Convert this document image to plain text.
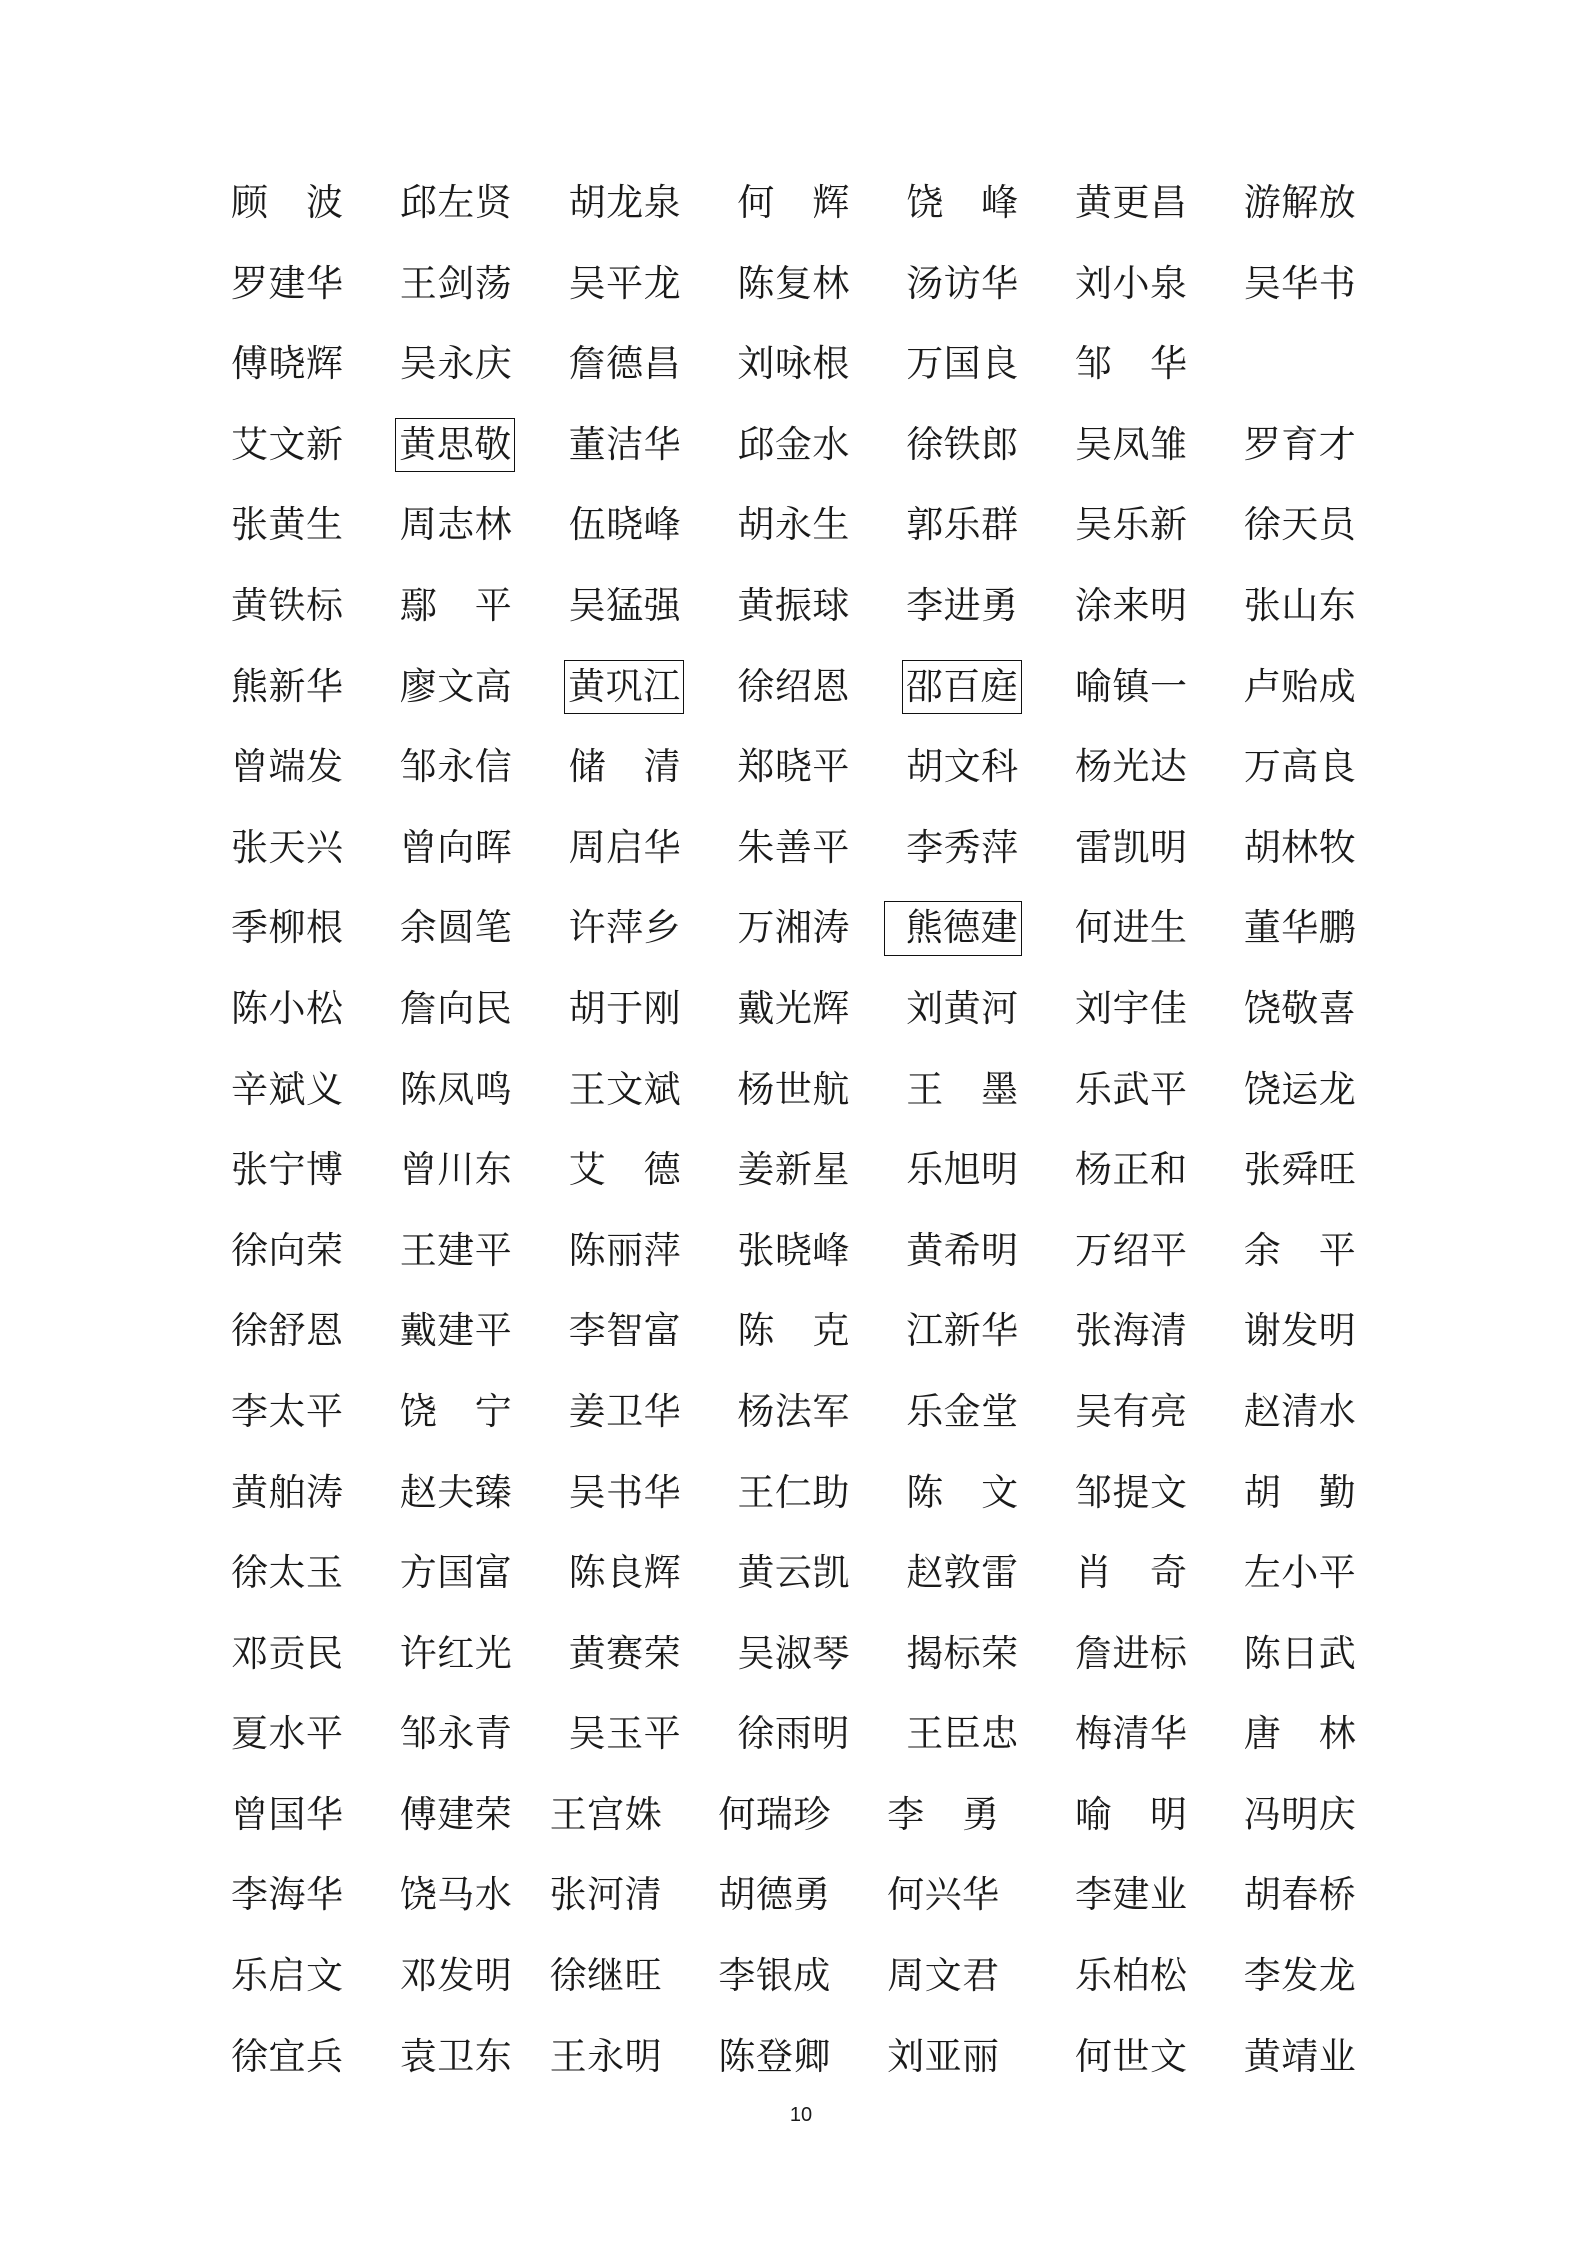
顾 波 邱左贤 胡龙泉 何 辉 饶 峰 黄更昌 游解放
罗建华 王剑荡 吴平龙 陈复林 汤访华 刘小泉 吴华书
傅晓辉 吴永庆 詹德昌 刘咏根 万国良 邹 华
艾文新 黄思敬 董洁华 邱金水 徐铁郎 吴凤雏 罗育才
张黄生 周志林 伍晓峰 胡永生 郭乐群 吴乐新 徐天员
黄铁标 鄢 平 吴猛强 黄振球 李进勇 涂来明 张山东
熊新华 廖文高 黄巩江 徐绍恩 邵百庭 喻镇一 卢贻成
曾端发 邹永信 储 清 郑晓平 胡文科 杨光达 万高良
张天兴 曾向晖 周启华 朱善平 李秀萍 雷凯明 胡林牧
季柳根 余圆笔 许萍乡 万湘涛	熊德建 何进生 董华鹏
陈小松 詹向民 胡于刚 戴光辉 刘黄河 刘宇佳 饶敬喜
辛斌义 陈凤鸣 王文斌 杨世航 王 墨 乐武平 饶运龙
张宁博 曾川东 艾 德 姜新星 乐旭明 杨正和 张舜旺
徐向荣 王建平 陈丽萍 张晓峰 黄希明 万绍平 余 平
徐舒恩 戴建平 李智富 陈 克 江新华 张海清 谢发明
李太平 饶 宁 姜卫华 杨法军 乐金堂 吴有亮 赵清水
黄舶涛 赵夫臻 吴书华 王仁助 陈 文 邹提文 胡 勤
徐太玉 方国富 陈良辉 黄云凯 赵敦雷 肖 奇 左小平
邓贡民 许红光 黄赛荣 吴淑琴 揭标荣 詹进标 陈日武
夏水平 邹永青 吴玉平 徐雨明 王臣忠 梅清华 唐 林
曾国华 傅建荣 王宫姝 何瑞珍 李 勇 喻 明 冯明庆
李海华 饶马水 张河清 胡德勇 何兴华 李建业 胡春桥
乐启文 邓发明 徐继旺 李银成 周文君 乐柏松 李发龙
徐宜兵 袁卫东 王永明 陈登卿 刘亚丽 何世文 黄靖业
10
